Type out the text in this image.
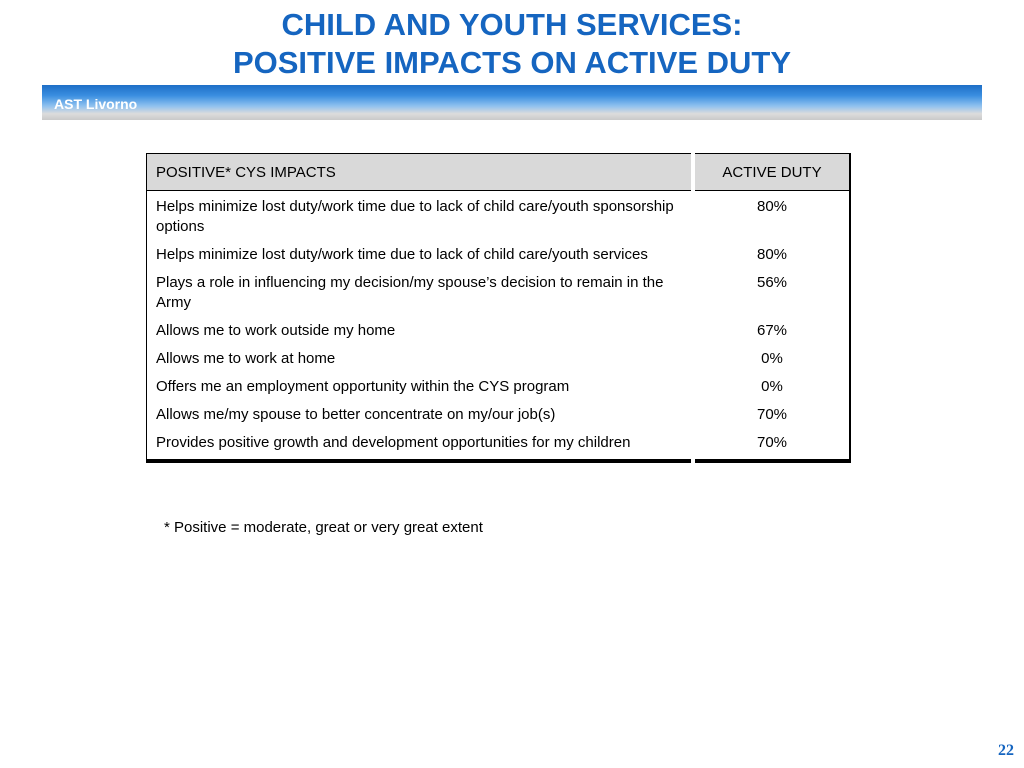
CHILD AND YOUTH SERVICES:
POSITIVE IMPACTS ON ACTIVE DUTY
AST Livorno
POSITIVE* CYS IMPACTS	ACTIVE DUTY
Helps minimize lost duty/work time due to lack of child care/youth sponsorship options	80%
Helps minimize lost duty/work time due to lack of child care/youth services	80%
Plays a role in influencing my decision/my spouse’s decision to remain in the Army	56%
Allows me to work outside my home	67%
Allows me to work at home	0%
Offers me an employment opportunity within the CYS program	0%
Allows me/my spouse to better concentrate on my/our job(s)	70%
Provides positive growth and development opportunities for my children	70%
* Positive = moderate, great or very great extent
22
